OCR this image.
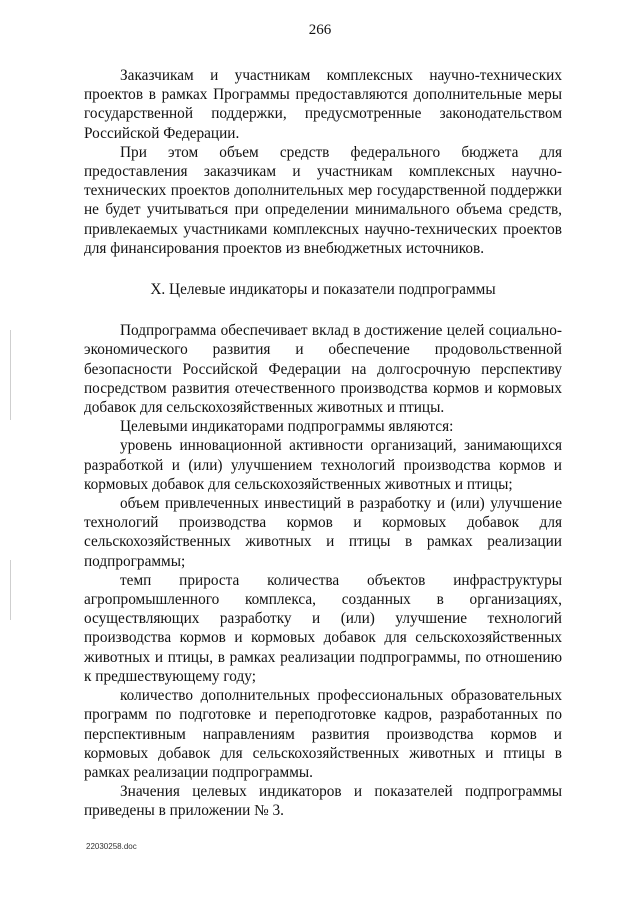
266

Заказчикам и участникам комплексных научно-технических проектов в рамках Программы предоставляются дополнительные меры государственной поддержки, предусмотренные законодательством Российской Федерации.

При этом объем средств федерального бюджета для предоставления заказчикам и участникам комплексных научно-технических проектов дополнительных мер государственной поддержки не будет учитываться при определении минимального объема средств, привлекаемых участниками комплексных научно-технических проектов для финансирования проектов из внебюджетных источников.

X. Целевые индикаторы и показатели подпрограммы

Подпрограмма обеспечивает вклад в достижение целей социально-экономического развития и обеспечение продовольственной безопасности Российской Федерации на долгосрочную перспективу посредством развития отечественного производства кормов и кормовых добавок для сельскохозяйственных животных и птицы.

Целевыми индикаторами подпрограммы являются:

уровень инновационной активности организаций, занимающихся разработкой и (или) улучшением технологий производства кормов и кормовых добавок для сельскохозяйственных животных и птицы;

объем привлеченных инвестиций в разработку и (или) улучшение технологий производства кормов и кормовых добавок для сельскохозяйственных животных и птицы в рамках реализации подпрограммы;

темп прироста количества объектов инфраструктуры агропромышленного комплекса, созданных в организациях, осуществляющих разработку и (или) улучшение технологий производства кормов и кормовых добавок для сельскохозяйственных животных и птицы, в рамках реализации подпрограммы, по отношению к предшествующему году;

количество дополнительных профессиональных образовательных программ по подготовке и переподготовке кадров, разработанных по перспективным направлениям развития производства кормов и кормовых добавок для сельскохозяйственных животных и птицы в рамках реализации подпрограммы.

Значения целевых индикаторов и показателей подпрограммы приведены в приложении № 3.

22030258.doc
